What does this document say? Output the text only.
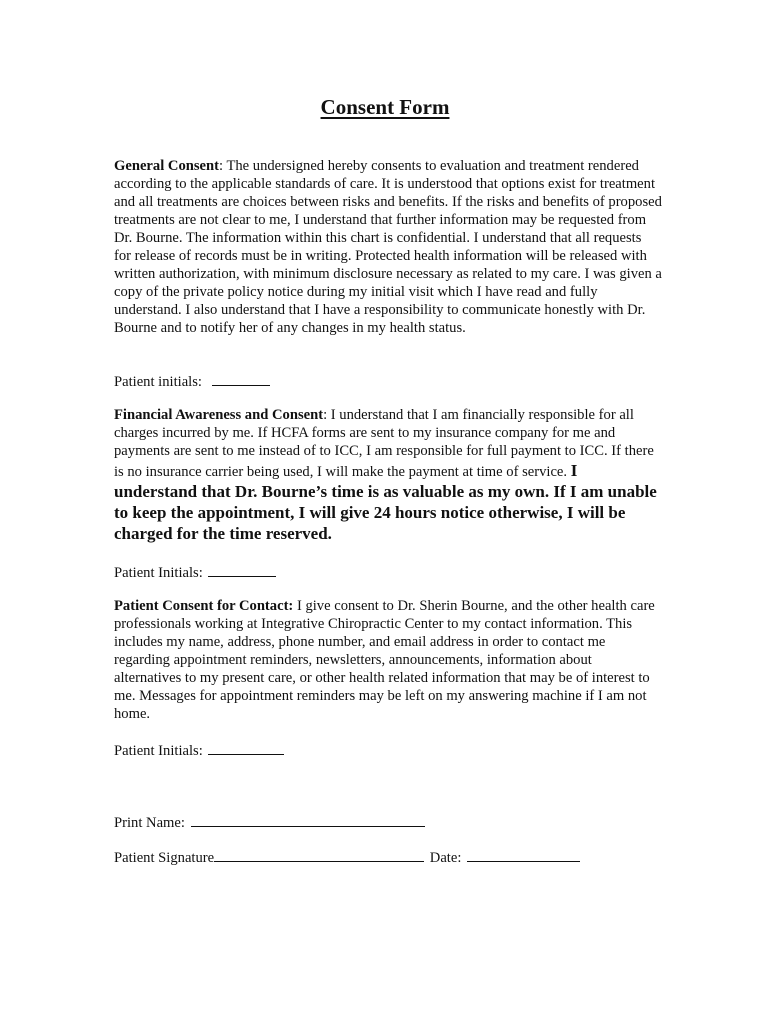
Consent Form

General Consent: The undersigned hereby consents to evaluation and treatment rendered according to the applicable standards of care. It is understood that options exist for treatment and all treatments are choices between risks and benefits. If the risks and benefits of proposed treatments are not clear to me, I understand that further information may be requested from Dr. Bourne. The information within this chart is confidential. I understand that all requests for release of records must be in writing. Protected health information will be released with written authorization, with minimum disclosure necessary as related to my care. I was given a copy of the private policy notice during my initial visit which I have read and fully understand. I also understand that I have a responsibility to communicate honestly with Dr. Bourne and to notify her of any changes in my health status.

Patient initials:

Financial Awareness and Consent: I understand that I am financially responsible for all charges incurred by me. If HCFA forms are sent to my insurance company for me and payments are sent to me instead of to ICC, I am responsible for full payment to ICC. If there is no insurance carrier being used, I will make the payment at time of service. I understand that Dr. Bourne’s time is as valuable as my own. If I am unable to keep the appointment, I will give 24 hours notice otherwise, I will be charged for the time reserved.

Patient Initials:

Patient Consent for Contact: I give consent to Dr. Sherin Bourne, and the other health care professionals working at Integrative Chiropractic Center to my contact information. This includes my name, address, phone number, and email address in order to contact me regarding appointment reminders, newsletters, announcements, information about alternatives to my present care, or other health related information that may be of interest to me. Messages for appointment reminders may be left on my answering machine if I am not home.

Patient Initials:
Print Name:
Patient Signature	Date:
